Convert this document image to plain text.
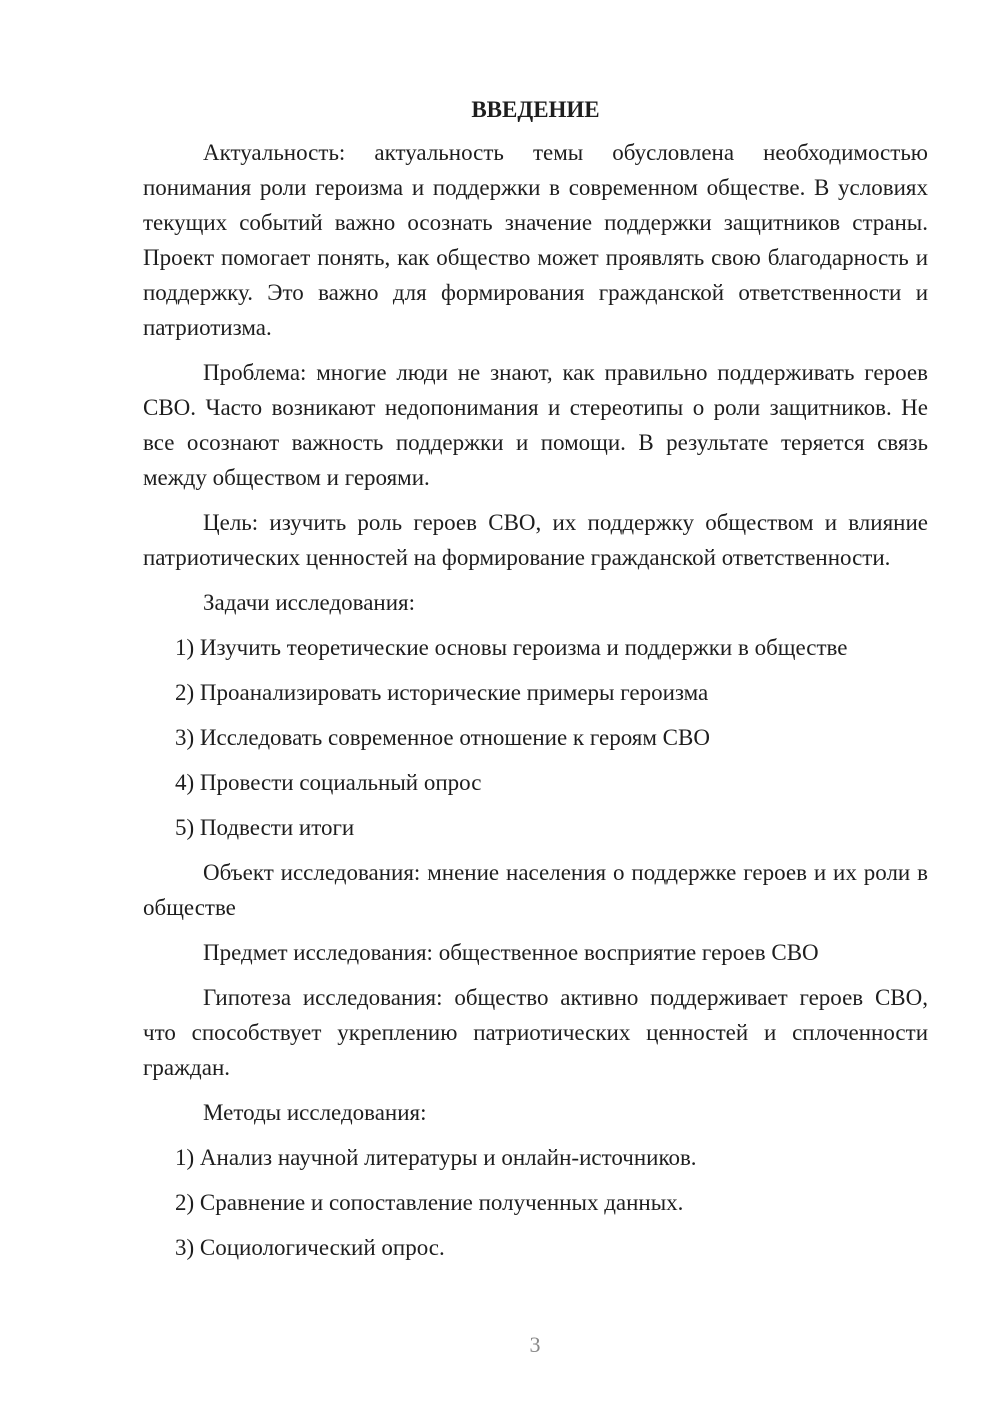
ВВЕДЕНИЕ

Актуальность: актуальность темы обусловлена необходимостью понимания роли героизма и поддержки в современном обществе. В условиях текущих событий важно осознать значение поддержки защитников страны. Проект помогает понять, как общество может проявлять свою благодарность и поддержку. Это важно для формирования гражданской ответственности и патриотизма.

Проблема: многие люди не знают, как правильно поддерживать героев СВО. Часто возникают недопонимания и стереотипы о роли защитников. Не все осознают важность поддержки и помощи. В результате теряется связь между обществом и героями.

Цель: изучить роль героев СВО, их поддержку обществом и влияние патриотических ценностей на формирование гражданской ответственности.

Задачи исследования:

1) Изучить теоретические основы героизма и поддержки в обществе
2) Проанализировать исторические примеры героизма
3) Исследовать современное отношение к героям СВО
4) Провести социальный опрос
5) Подвести итоги

Объект исследования: мнение населения о поддержке героев и их роли в обществе

Предмет исследования: общественное восприятие героев СВО

Гипотеза исследования: общество активно поддерживает героев СВО, что способствует укреплению патриотических ценностей и сплоченности граждан.

Методы исследования:

1) Анализ научной литературы и онлайн-источников.
2) Сравнение и сопоставление полученных данных.
3) Социологический опрос.
3
